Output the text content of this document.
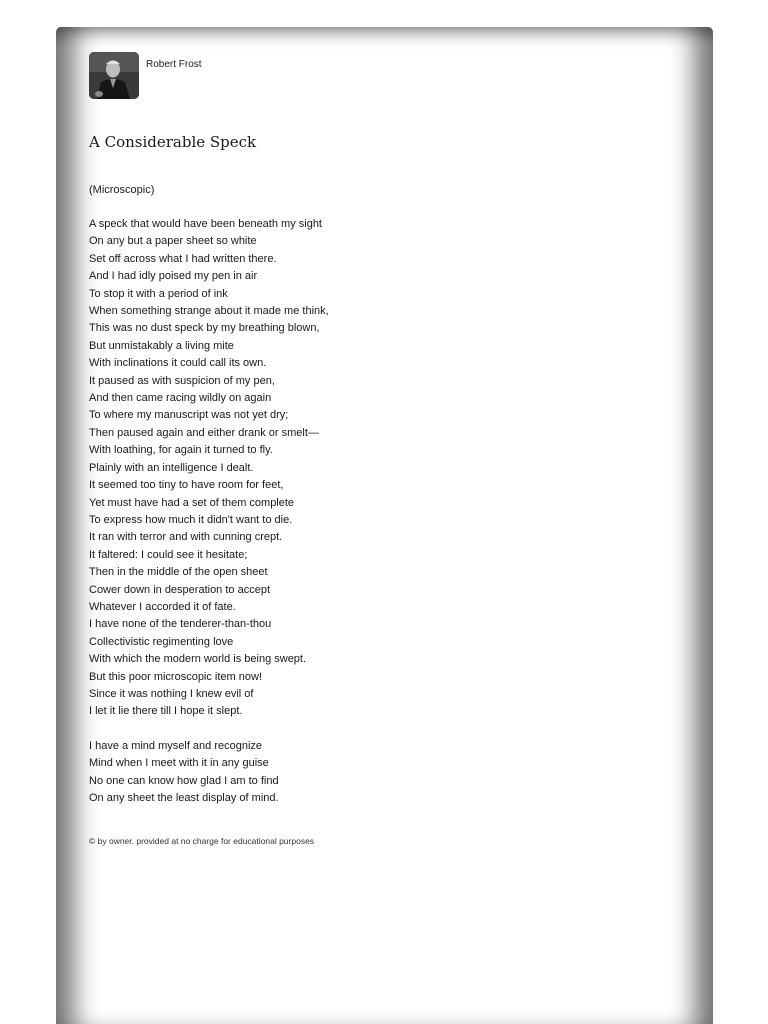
Robert Frost
A Considerable Speck
(Microscopic)
A speck that would have been beneath my sight
On any but a paper sheet so white
Set off across what I had written there.
And I had idly poised my pen in air
To stop it with a period of ink
When something strange about it made me think,
This was no dust speck by my breathing blown,
But unmistakably a living mite
With inclinations it could call its own.
It paused as with suspicion of my pen,
And then came racing wildly on again
To where my manuscript was not yet dry;
Then paused again and either drank or smelt—
With loathing, for again it turned to fly.
Plainly with an intelligence I dealt.
It seemed too tiny to have room for feet,
Yet must have had a set of them complete
To express how much it didn't want to die.
It ran with terror and with cunning crept.
It faltered: I could see it hesitate;
Then in the middle of the open sheet
Cower down in desperation to accept
Whatever I accorded it of fate.
I have none of the tenderer-than-thou
Collectivistic regimenting love
With which the modern world is being swept.
But this poor microscopic item now!
Since it was nothing I knew evil of
I let it lie there till I hope it slept.
I have a mind myself and recognize
Mind when I meet with it in any guise
No one can know how glad I am to find
On any sheet the least display of mind.
© by owner. provided at no charge for educational purposes
